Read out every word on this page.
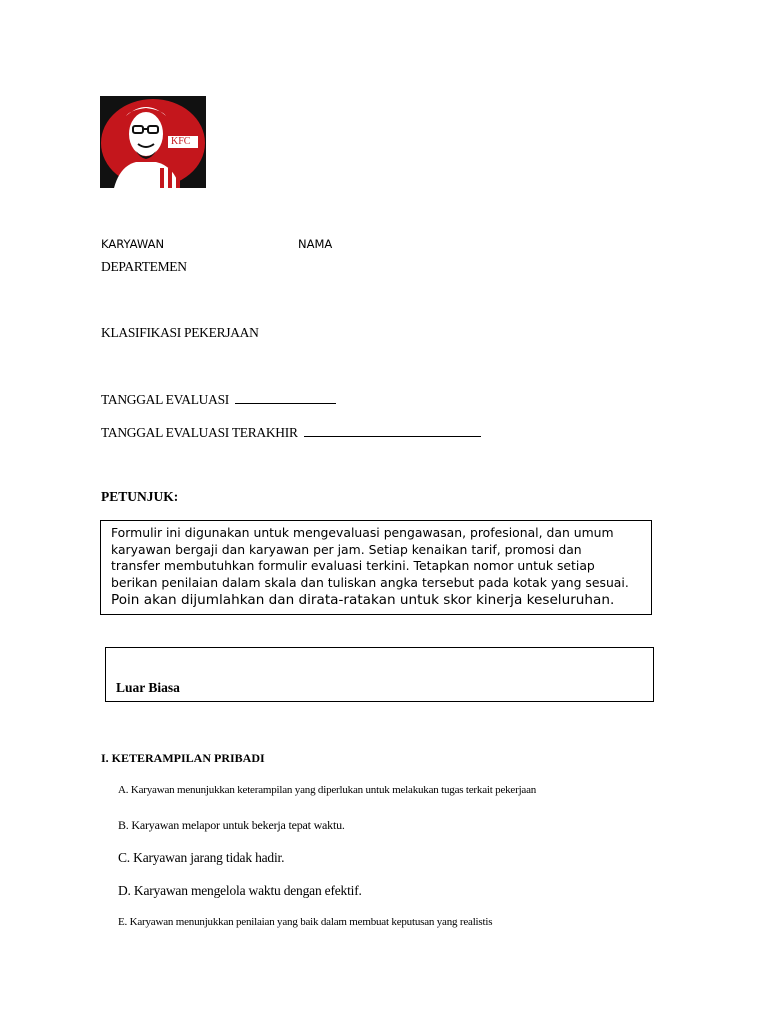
KFC
KARYAWAN	NAMA
DEPARTEMEN
KLASIFIKASI PEKERJAAN
TANGGAL EVALUASI
TANGGAL EVALUASI TERAKHIR
PETUNJUK:
Formulir ini digunakan untuk mengevaluasi pengawasan, profesional, dan umum
karyawan bergaji dan karyawan per jam. Setiap kenaikan tarif, promosi dan
transfer membutuhkan formulir evaluasi terkini. Tetapkan nomor untuk setiap
berikan penilaian dalam skala dan tuliskan angka tersebut pada kotak yang sesuai.
Poin akan dijumlahkan dan dirata-ratakan untuk skor kinerja keseluruhan.
Luar Biasa
I. KETERAMPILAN PRIBADI
A. Karyawan menunjukkan keterampilan yang diperlukan untuk melakukan tugas terkait pekerjaan
B. Karyawan melapor untuk bekerja tepat waktu.
C. Karyawan jarang tidak hadir.
D. Karyawan mengelola waktu dengan efektif.
E. Karyawan menunjukkan penilaian yang baik dalam membuat keputusan yang realistis
